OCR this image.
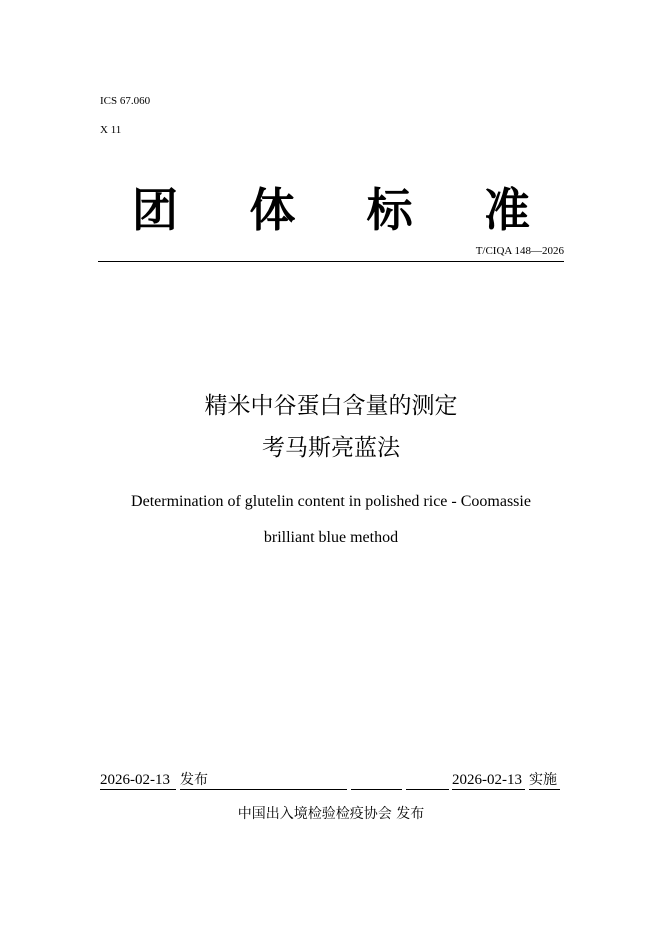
ICS 67.060
X 11
团 体 标 准
T/CIQA 148—2026
精米中谷蛋白含量的测定
考马斯亮蓝法
Determination of glutelin content in polished rice - Coomassie
brilliant blue method
2026-02-13 发布	2026-02-13 实施
中国出入境检验检疫协会 发布
